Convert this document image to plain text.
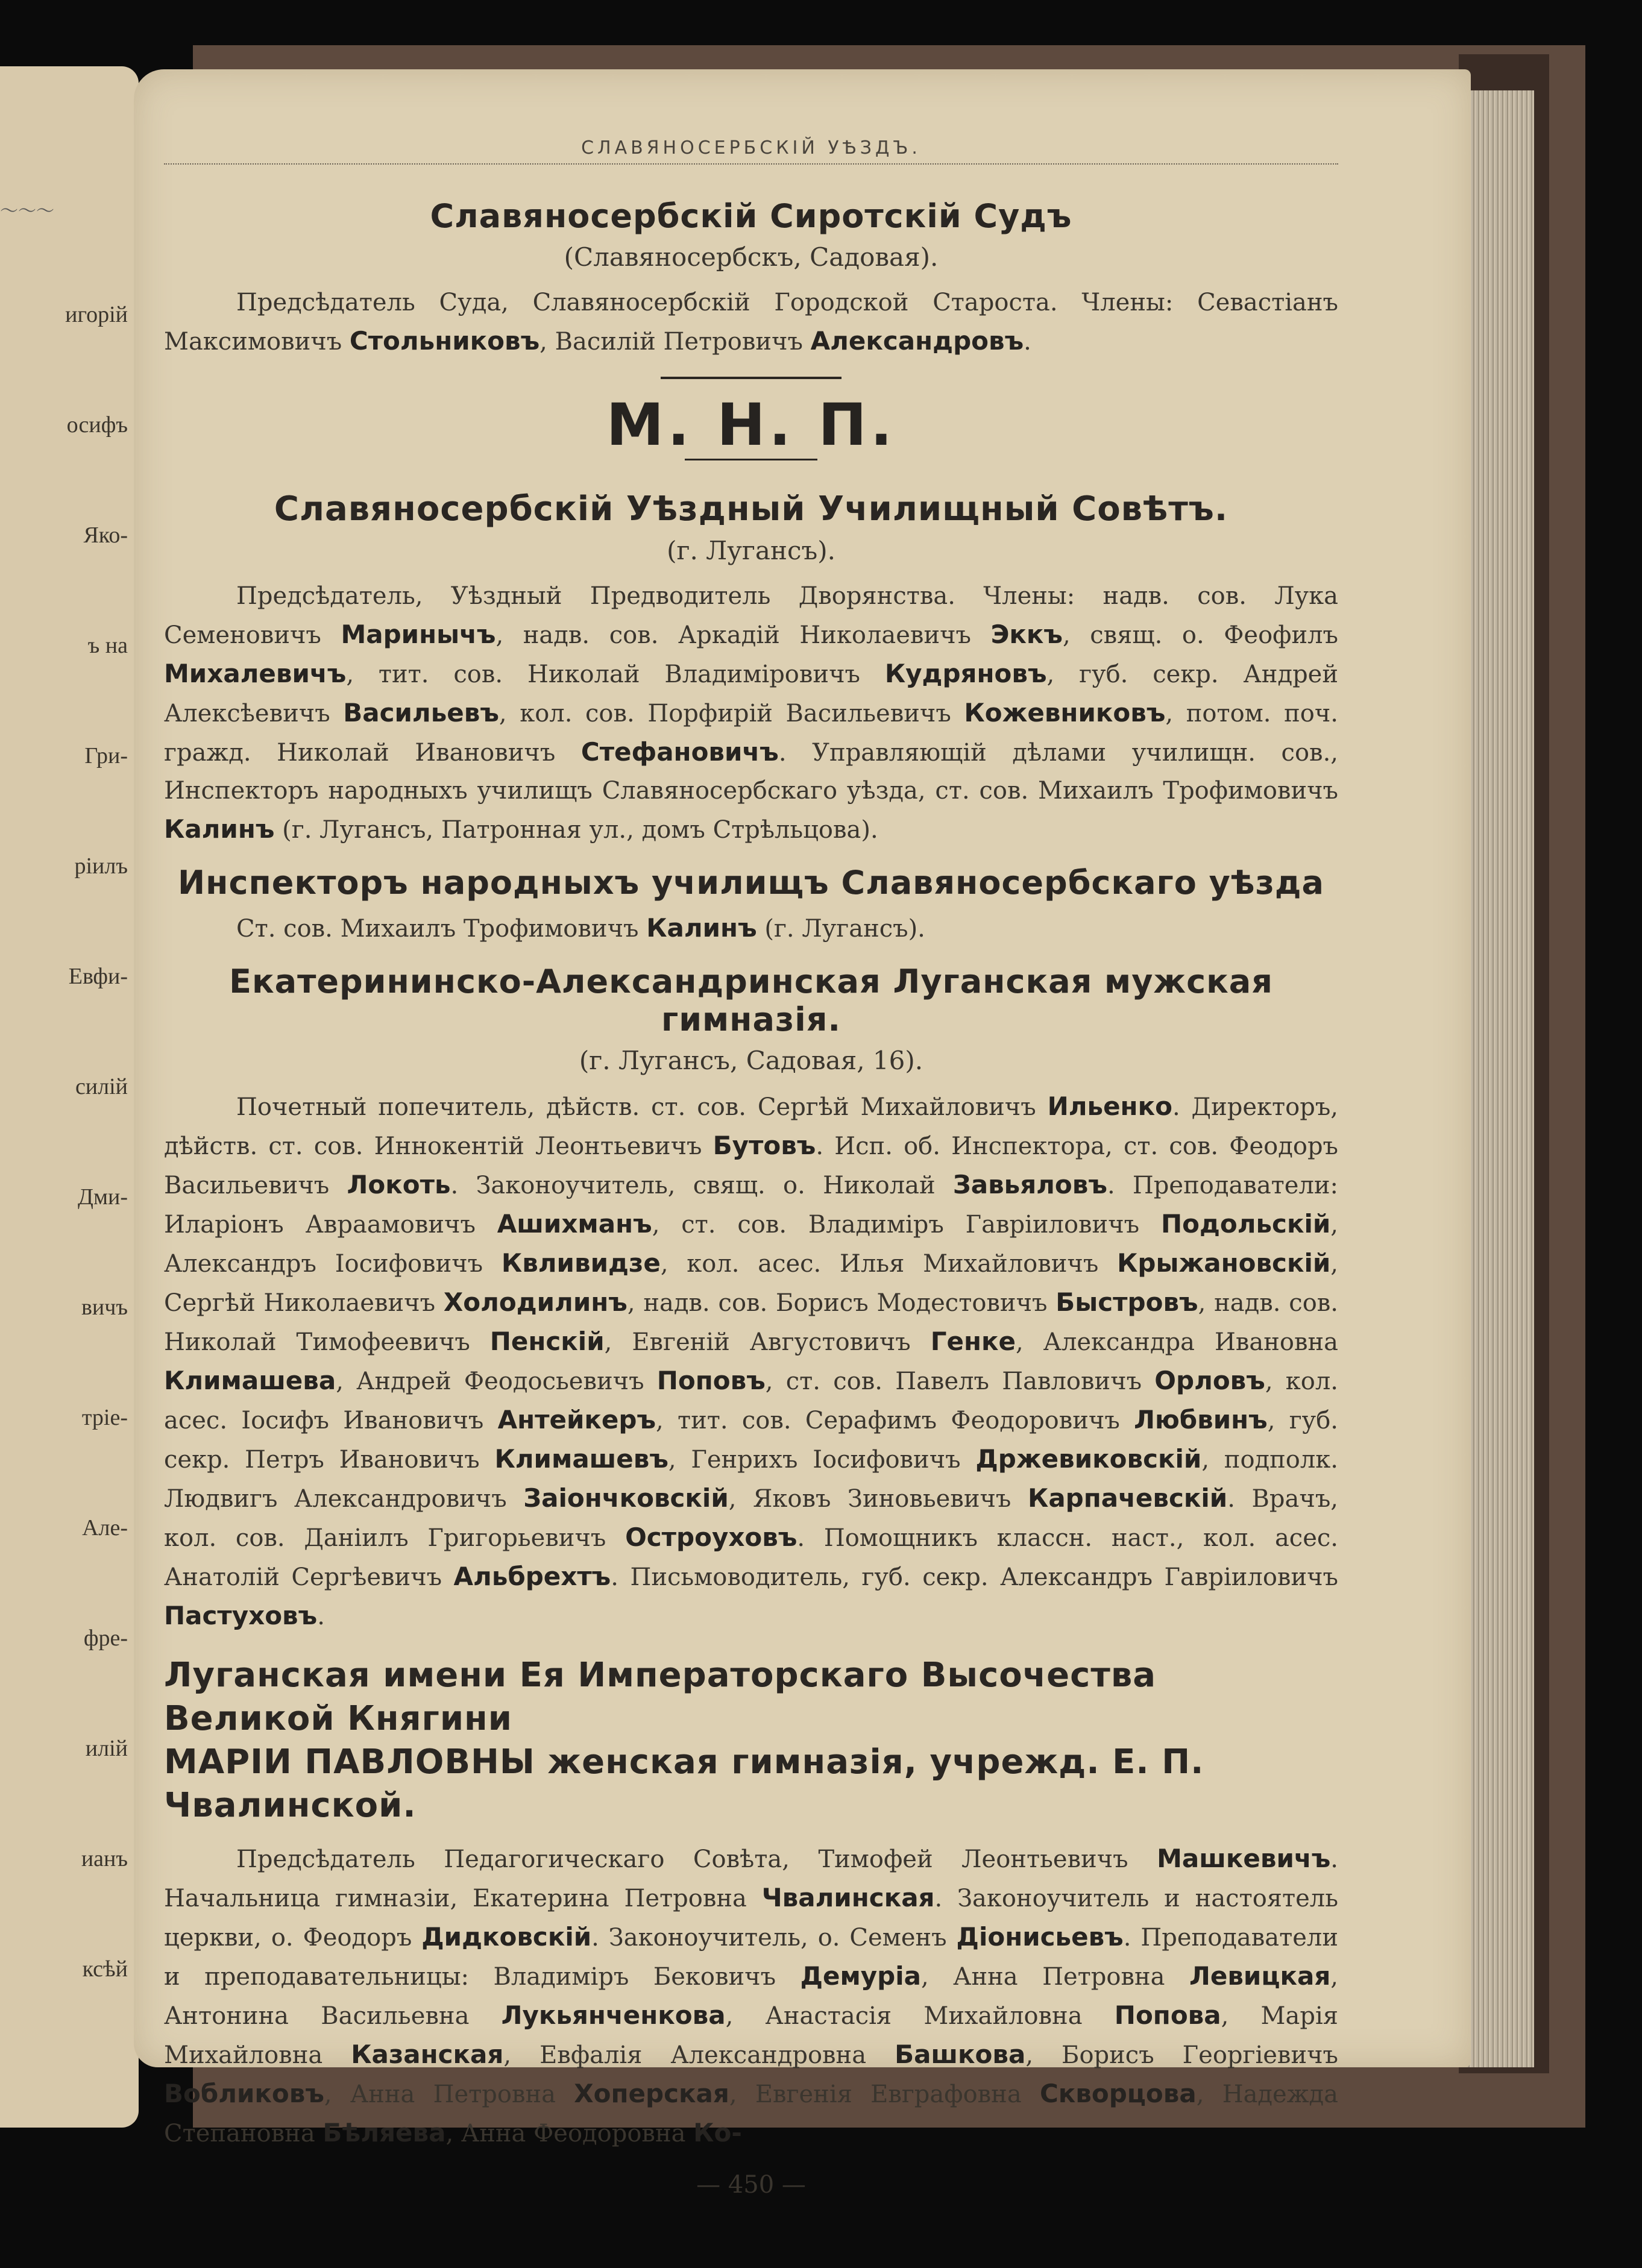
〜〜〜
игорій
осифъ
Яко-
ъ на
Гри-
ріилъ
Евфи-
силій
Дми-
вичъ
тріе-
Але-
фре-
илій
ианъ
ксѣй
СЛАВЯНОСЕРБСКІЙ УѢЗДЪ.
Славяносербскій Сиротскій Судъ
(Славяносербскъ, Садовая).
Предсѣдатель Суда, Славяносербскій Городской Староста. Члены: Севастіанъ Максимовичъ Стольниковъ, Василій Петровичъ Александровъ.
М. Н. П.
Славяносербскій Уѣздный Училищный Совѣтъ.
(г. Лугансъ).
Предсѣдатель, Уѣздный Предводитель Дворянства. Члены: надв. сов. Лука Семеновичъ Маринычъ, надв. сов. Аркадій Николаевичъ Эккъ, свящ. о. Феофилъ Михалевичъ, тит. сов. Николай Владиміровичъ Кудряновъ, губ. секр. Андрей Алексѣевичъ Васильевъ, кол. сов. Порфирій Васильевичъ Кожевниковъ, потом. поч. гражд. Николай Ивановичъ Стефановичъ. Управляющій дѣлами училищн. сов., Инспекторъ народныхъ училищъ Славяносербскаго уѣзда, ст. сов. Михаилъ Трофимовичъ Калинъ (г. Лугансъ, Патронная ул., домъ Стрѣльцова).
Инспекторъ народныхъ училищъ Славяносербскаго уѣзда
Ст. сов. Михаилъ Трофимовичъ Калинъ (г. Лугансъ).
Екатерининско-Александринская Луганская мужская гимназія.
(г. Лугансъ, Садовая, 16).
Почетный попечитель, дѣйств. ст. сов. Сергѣй Михайловичъ Ильенко. Директоръ, дѣйств. ст. сов. Иннокентій Леонтьевичъ Бутовъ. Исп. об. Инспектора, ст. сов. Феодоръ Васильевичъ Локоть. Законоучитель, свящ. о. Николай Завьяловъ. Преподаватели: Иларіонъ Авраамовичъ Ашихманъ, ст. сов. Владиміръ Гавріиловичъ Подольскій, Александръ Іосифовичъ Квливидзе, кол. асес. Илья Михайловичъ Крыжановскій, Сергѣй Николаевичъ Холодилинъ, надв. сов. Борисъ Модестовичъ Быстровъ, надв. сов. Николай Тимофеевичъ Пенскій, Евгеній Августовичъ Генке, Александра Ивановна Климашева, Андрей Феодосьевичъ Поповъ, ст. сов. Павелъ Павловичъ Орловъ, кол. асес. Іосифъ Ивановичъ Антейкеръ, тит. сов. Серафимъ Феодоровичъ Любвинъ, губ. секр. Петръ Ивановичъ Климашевъ, Генрихъ Іосифовичъ Држевиковскій, подполк. Людвигъ Александровичъ Заіончковскій, Яковъ Зиновьевичъ Карпачевскій. Врачъ, кол. сов. Даніилъ Григорьевичъ Остроуховъ. Помощникъ классн. наст., кол. асес. Анатолій Сергѣевичъ Альбрехтъ. Письмоводитель, губ. секр. Александръ Гавріиловичъ Пастуховъ.
Луганская имени Ея Императорскаго Высочества Великой Княгини
МАРІИ ПАВЛОВНЫ женская гимназія, учрежд. Е. П. Чвалинской.
Предсѣдатель Педагогическаго Совѣта, Тимофей Леонтьевичъ Машкевичъ. Начальница гимназіи, Екатерина Петровна Чвалинская. Законоучитель и настоятель церкви, о. Феодоръ Дидковскій. Законоучитель, о. Семенъ Діонисьевъ. Преподаватели и преподавательницы: Владиміръ Бековичъ Демуріа, Анна Петровна Левицкая, Антонина Васильевна Лукьянченкова, Анастасія Михайловна Попова, Марія Михайловна Казанская, Евфалія Александровна Башкова, Борисъ Георгіевичъ Вобликовъ, Анна Петровна Хоперская, Евгенія Евграфовна Скворцова, Надежда Степановна Бѣляева, Анна Феодоровна Ко-
— 450 —
